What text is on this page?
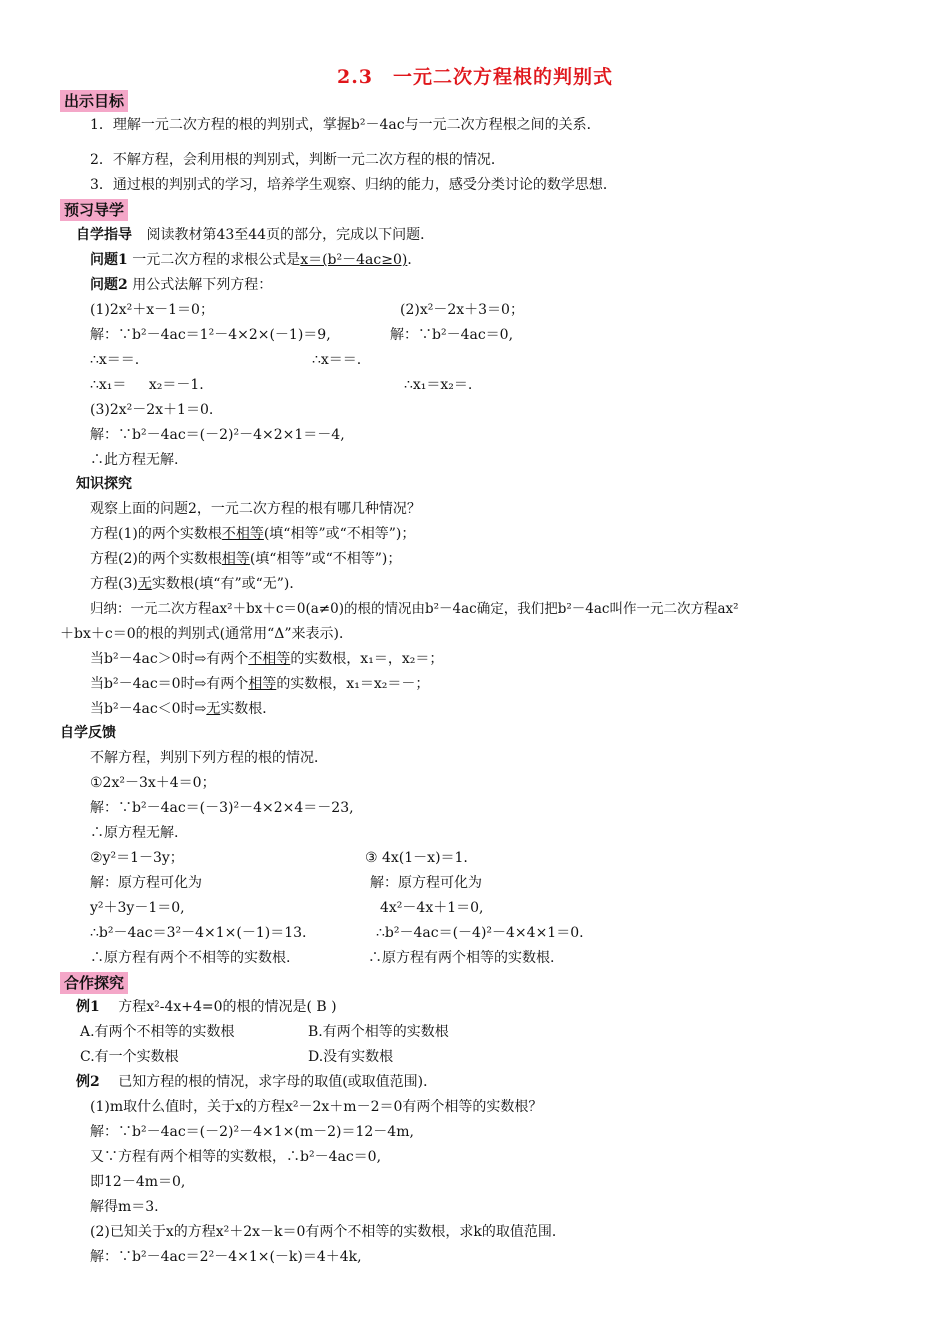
2.3　一元二次方程根的判别式
出示目标
1．理解一元二次方程的根的判别式，掌握b²－4ac与一元二次方程根之间的关系．
2．不解方程，会利用根的判别式，判断一元二次方程的根的情况．
3．通过根的判别式的学习，培养学生观察、归纳的能力，感受分类讨论的数学思想．
预习导学
自学指导 阅读教材第43至44页的部分，完成以下问题．
问题1 一元二次方程的求根公式是x＝(b²－4ac≥0)．
问题2 用公式法解下列方程：
(1)2x²＋x－1＝0；	(2)x²－2x＋3＝0；
解：∵b²－4ac＝1²－4×2×(－1)＝9,	解：∵b²－4ac＝0,
∴x＝＝.	∴x＝＝.
∴x₁＝ x₂＝－1.	∴x₁＝x₂＝.
(3)2x²－2x＋1＝0.
解：∵b²－4ac＝(－2)²－4×2×1＝－4,
∴此方程无解.
知识探究
观察上面的问题2，一元二次方程的根有哪几种情况？
方程(1)的两个实数根不相等(填“相等”或“不相等”)；
方程(2)的两个实数根相等(填“相等”或“不相等”)；
方程(3)无实数根(填“有”或“无”)．
归纳：一元二次方程ax²＋bx＋c＝0(a≠0)的根的情况由b²－4ac确定，我们把b²－4ac叫作一元二次方程ax²
＋bx＋c＝0的根的判别式(通常用“Δ”来表示)．
当b²－4ac＞0时⇨有两个不相等的实数根，x₁＝，x₂＝；
当b²－4ac＝0时⇨有两个相等的实数根，x₁＝x₂＝－；
当b²－4ac＜0时⇨无实数根．
自学反馈
不解方程，判别下列方程的根的情况．
①2x²－3x＋4＝0；
解：∵b²－4ac＝(－3)²－4×2×4＝－23,
∴原方程无解.
②y²＝1－3y；	③ 4x(1－x)＝1.
解：原方程可化为	解：原方程可化为
y²＋3y－1＝0,	4x²－4x＋1＝0,
∴b²－4ac＝3²－4×1×(－1)＝13.	∴b²－4ac＝(－4)²－4×4×1＝0.
∴原方程有两个不相等的实数根.	∴原方程有两个相等的实数根.
合作探究
例1 方程x²-4x+4=0的根的情况是( B )
A.有两个不相等的实数根	B.有两个相等的实数根
C.有一个实数根	D.没有实数根
例2 已知方程的根的情况，求字母的取值(或取值范围)．
(1)m取什么值时，关于x的方程x²－2x＋m－2＝0有两个相等的实数根？
解：∵b²－4ac＝(－2)²－4×1×(m－2)＝12－4m,
又∵方程有两个相等的实数根，∴b²－4ac＝0,
即12－4m＝0,
解得m＝3.
(2)已知关于x的方程x²＋2x－k＝0有两个不相等的实数根，求k的取值范围．
解：∵b²－4ac＝2²－4×1×(－k)＝4＋4k,
